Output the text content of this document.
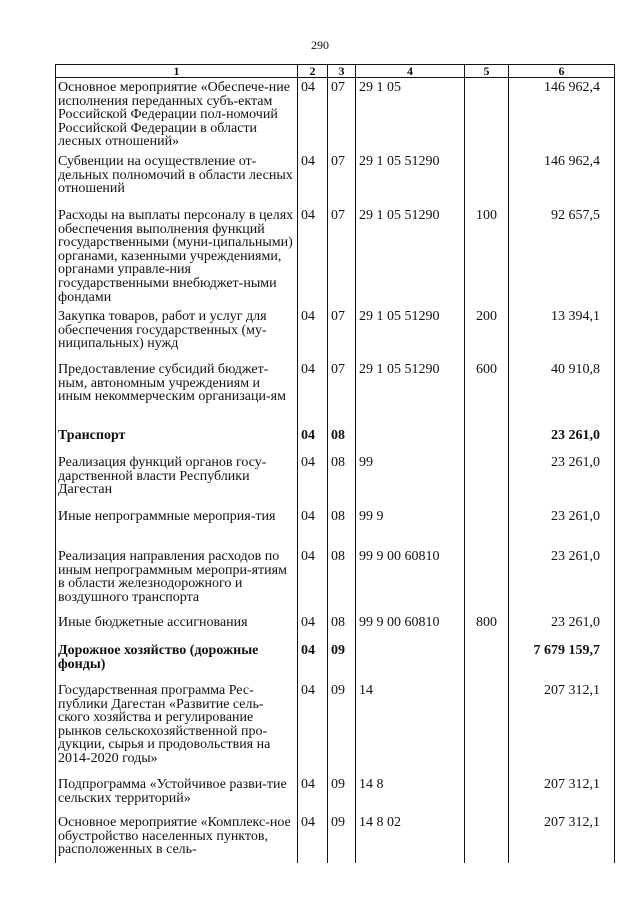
290
1	2	3	4	5	6
Основное мероприятие «Обеспече-ние исполнения переданных субъ-ектам Российской Федерации пол-номочий Российской Федерации в области лесных отношений»	04	07	29 1 05		146 962,4
Субвенции на осуществление от-дельных полномочий в области лесных отношений	04	07	29 1 05 51290		146 962,4
Расходы на выплаты персоналу в целях обеспечения выполнения функций государственными (муни-ципальными) органами, казенными учреждениями, органами управле-ния государственными внебюджет-ными фондами	04	07	29 1 05 51290	100	92 657,5
Закупка товаров, работ и услуг для обеспечения государственных (му-ниципальных) нужд	04	07	29 1 05 51290	200	13 394,1
Предоставление субсидий бюджет-ным, автономным учреждениям и иным некоммерческим организаци-ям	04	07	29 1 05 51290	600	40 910,8
Транспорт	04	08			23 261,0
Реализация функций органов госу-дарственной власти Республики Дагестан	04	08	99		23 261,0
Иные непрограммные мероприя-тия	04	08	99 9		23 261,0
Реализация направления расходов по иным непрограммным меропри-ятиям в области железнодорожного и воздушного транспорта	04	08	99 9 00 60810		23 261,0
Иные бюджетные ассигнования	04	08	99 9 00 60810	800	23 261,0
Дорожное хозяйство (дорожные фонды)	04	09			7 679 159,7
Государственная программа Рес-публики Дагестан «Развитие сель-ского хозяйства и регулирование рынков сельскохозяйственной про-дукции, сырья и продовольствия на 2014-2020 годы»	04	09	14		207 312,1
Подпрограмма «Устойчивое разви-тие сельских территорий»	04	09	14 8		207 312,1
Основное мероприятие «Комплекс-ное обустройство населенных пунктов, расположенных в сель-	04	09	14 8 02		207 312,1
